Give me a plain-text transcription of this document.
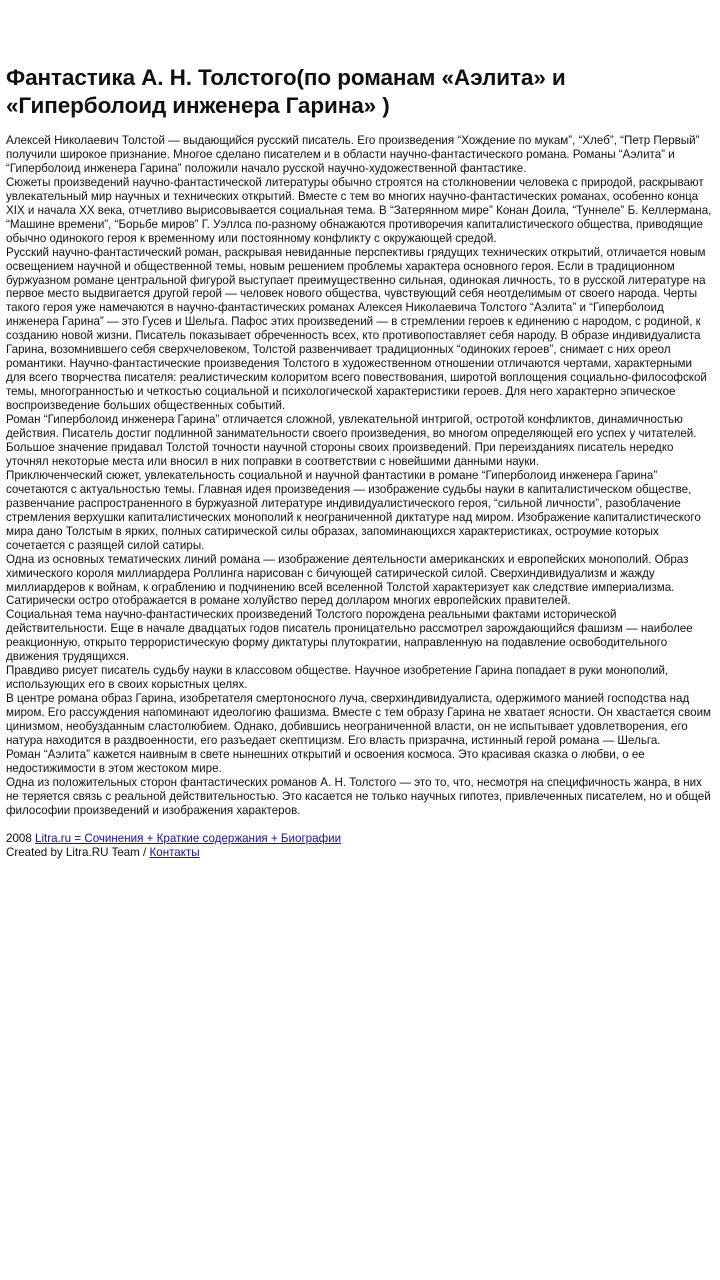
Фантастика А. Н. Толстого(по романам «Аэлита» и «Гиперболоид инженера Гарина» )

Алексей Николаевич Толстой — выдающийся русский писатель. Его произведения “Хождение по мукам”, “Хлеб”, “Петр Первый” получили широкое признание. Многое сделано писателем и в области научно-фантастического романа. Романы “Аэлита” и “Гиперболоид инженера Гарина” положили начало русской научно-художественной фантастике.

Сюжеты произведений научно-фантастической литературы обычно строятся на столкновении человека с природой, раскрывают увлекательный мир научных и технических открытий. Вместе с тем во многих научно-фантастических романах, особенно конца XIX и начала XX века, отчетливо вырисовывается социальная тема. В “Затерянном мире” Конан Доила, “Туннеле” Б. Келлермана, “Машине времени”, “Борьбе миров” Г. Уэллса по-разному обнажаются противоречия капиталистического общества, приводящие обычно одинокого героя к временному или постоянному конфликту с окружающей средой.

Русский научно-фантастический роман, раскрывая невиданные перспективы грядущих технических открытий, отличается новым освещением научной и общественной темы, новым решением проблемы характера основного героя. Если в традиционном буржуазном романе центральной фигурой выступает преимущественно сильная, одинокая личность, то в русской литературе на первое место выдвигается другой герой — человек нового общества, чувствующий себя неотделимым от своего народа. Черты такого героя уже намечаются в научно-фантастических романах Алексея Николаевича Толстого “Аэлита” и “Гиперболоид инженера Гарина” — это Гусев и Шельга. Пафос этих произведений — в стремлении героев к единению с народом, с родиной, к созданию новой жизни. Писатель показывает обреченность всех, кто противопоставляет себя народу. В образе индивидуалиста Гарина, возомнившего себя сверхчеловеком, Толстой развенчивает традиционных “одиноких героев”, снимает с них ореол романтики. Научно-фантастические произведения Толстого в художественном отношении отличаются чертами, характерными для всего творчества писателя: реалистическим колоритом всего повествования, широтой воплощения социально-философской темы, многогранностью и четкостью социальной и психологической характеристики героев. Для него характерно эпическое воспроизведение больших общественных событий.

Роман “Гиперболоид инженера Гарина” отличается сложной, увлекательной интригой, остротой конфликтов, динамичностью действия. Писатель достиг подлинной занимательности своего произведения, во многом определяющей его успех у читателей. Большое значение придавал Толстой точности научной стороны своих произведений. При переизданиях писатель нередко уточнял некоторые места или вносил в них поправки в соответствии с новейшими данными науки.

Приключенческий сюжет, увлекательность социальной и научной фантастики в романе “Гиперболоид инженера Гарина” сочетаются с актуальностью темы. Главная идея произведения — изображение судьбы науки в капиталистическом обществе, развенчание распространенного в буржуазной литературе индивидуалистического героя, “сильной личности”, разоблачение стремления верхушки капиталистических монополий к неограниченной диктатуре над миром. Изображение капиталистического мира дано Толстым в ярких, полных сатирической силы образах, запоминающихся характеристиках, остроумие которых сочетается с разящей силой сатиры.

Одна из основных тематических линий романа — изображение деятельности американских и европейских монополий. Образ химического короля миллиардера Роллинга нарисован с бичующей сатирической силой. Сверхиндивидуализм и жажду миллиардеров к войнам, к ограблению и подчинению всей вселенной Толстой характеризует как следствие империализма. Сатирически остро отображается в романе холуйство перед долларом многих европейских правителей.

Социальная тема научно-фантастических произведений Толстого порождена реальными фактами исторической действительности. Еще в начале двадцатых годов писатель проницательно рассмотрел зарождающийся фашизм — наиболее реакционную, открыто террористическую форму диктатуры плутократии, направленную на подавление освободительного движения трудящихся.

Правдиво рисует писатель судьбу науки в классовом обществе. Научное изобретение Гарина попадает в руки монополий, использующих его в своих корыстных целях.

В центре романа образ Гарина, изобретателя смертоносного луча, сверхиндивидуалиста, одержимого манией господства над миром. Его рассуждения напоминают идеологию фашизма. Вместе с тем образу Гарина не хватает ясности. Он хвастается своим цинизмом, необузданным сластолюбием. Однако, добившись неограниченной власти, он не испытывает удовлетворения, его натура находится в раздвоенности, его разъедает скептицизм. Его власть призрачна, истинный герой романа — Шельга.

Роман “Аэлита” кажется наивным в свете нынешних открытий и освоения космоса. Это красивая сказка о любви, о ее недостижимости в этом жестоком мире.

Одна из положительных сторон фантастических романов А. Н. Толстого — это то, что, несмотря на специфичность жанра, в них не теряется связь с реальной действительностью. Это касается не только научных гипотез, привлеченных писателем, но и общей философии произведений и изображения характеров.

2008 Litra.ru = Сочинения + Краткие содержания + Биографии
Created by Litra.RU Team / Контакты
